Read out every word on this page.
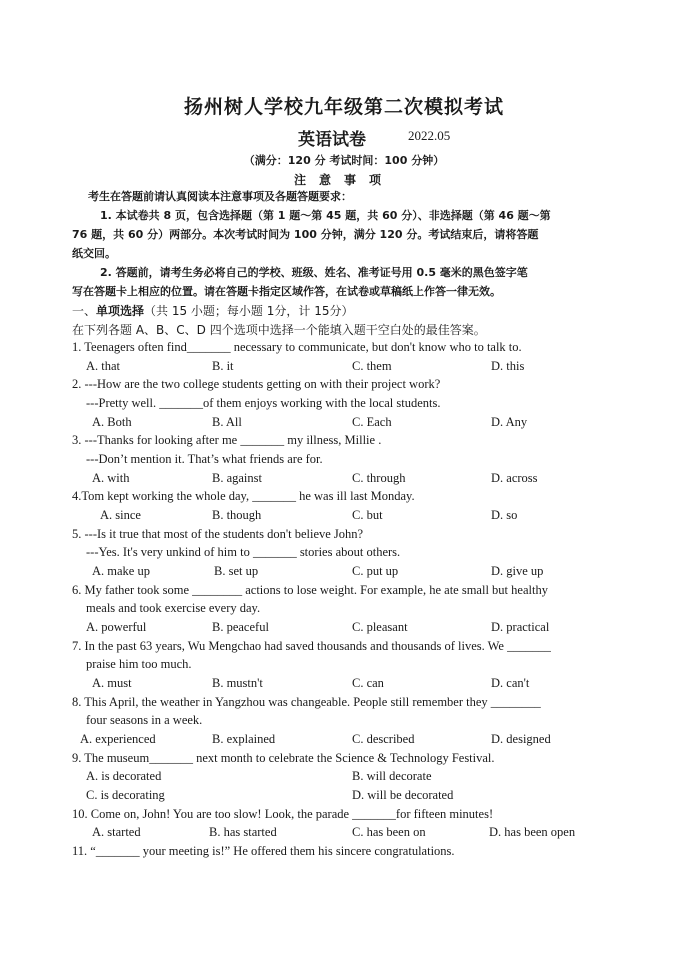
扬州树人学校九年级第二次模拟考试
英语试卷	2022.05
（满分：120 分 考试时间：100 分钟）
注意事项
考生在答题前请认真阅读本注意事项及各题答题要求：
1. 本试卷共 8 页，包含选择题（第 1 题～第 45 题，共 60 分）、非选择题（第 46 题～第
76 题，共 60 分）两部分。本次考试时间为 100 分钟，满分 120 分。考试结束后，请将答题
纸交回。
2. 答题前，请考生务必将自己的学校、班级、姓名、准考证号用 0.5 毫米的黑色签字笔
写在答题卡上相应的位置。请在答题卡指定区域作答，在试卷或草稿纸上作答一律无效。
一、单项选择（共 15 小题；每小题 1分，计 15分）
在下列各题 A、B、C、D 四个选项中选择一个能填入题干空白处的最佳答案。
1. Teenagers often find_______ necessary to communicate, but don't know who to talk to.
A. that	B. it	C. them	D. this
2. ---How are the two college students getting on with their project work?
---Pretty well. _______of them enjoys working with the local students.
A. Both	B. All	C. Each	D. Any
3. ---Thanks for looking after me _______ my illness, Millie .
---Don’t mention it. That’s what friends are for.
A. with	B. against	C. through	D. across
4.Tom kept working the whole day, _______ he was ill last Monday.
A. since	B. though	C. but	D. so
5. ---Is it true that most of the students don't believe John?
---Yes. It's very unkind of him to _______ stories about others.
A. make up	B. set up	C. put up	D. give up
6. My father took some ________ actions to lose weight. For example, he ate small but healthy
meals and took exercise every day.
A. powerful	B. peaceful	C. pleasant	D. practical
7. In the past 63 years, Wu Mengchao had saved thousands and thousands of lives. We _______
praise him too much.
A. must	B. mustn't	C. can	D. can't
8. This April, the weather in Yangzhou was changeable. People still remember they ________
four seasons in a week.
A. experienced	B. explained	C. described	D. designed
9. The museum_______ next month to celebrate the Science & Technology Festival.
A. is decorated	B. will decorate
C. is decorating	D. will be decorated
10. Come on, John! You are too slow! Look, the parade _______for fifteen minutes!
A. started	B. has started	C. has been on	D. has been open
11. “_______ your meeting is!” He offered them his sincere congratulations.
